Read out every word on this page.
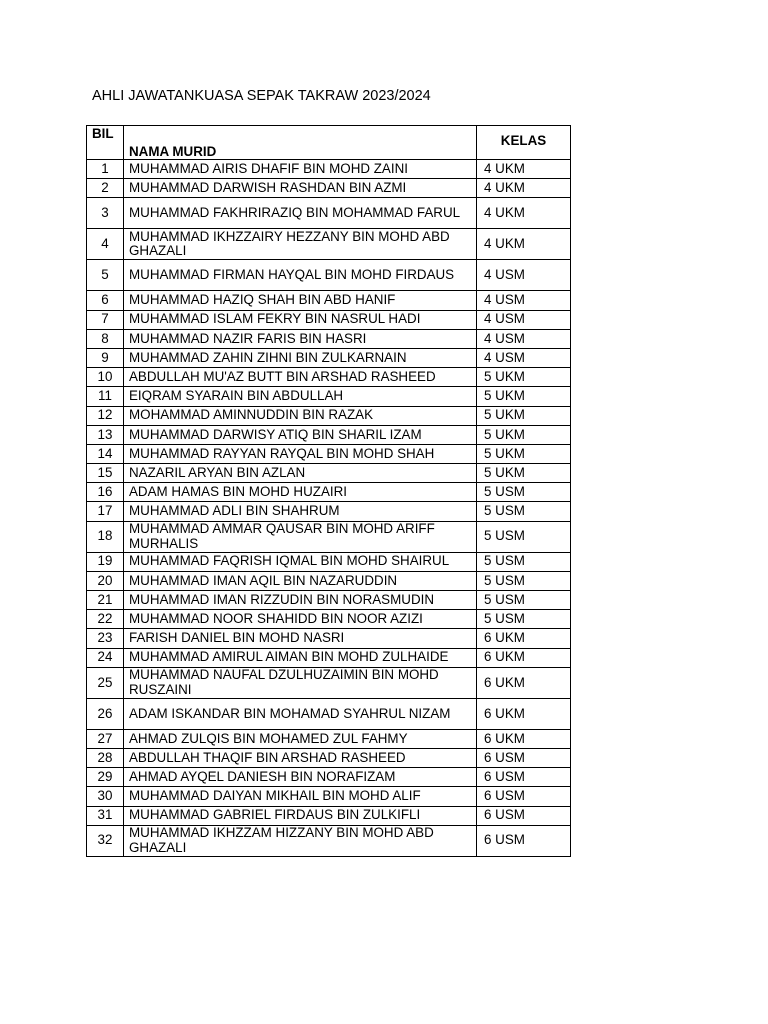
AHLI JAWATANKUASA SEPAK TAKRAW 2023/2024
BIL	NAMA MURID	KELAS
1	MUHAMMAD AIRIS DHAFIF BIN MOHD ZAINI	4 UKM
2	MUHAMMAD DARWISH RASHDAN BIN AZMI	4 UKM
3	MUHAMMAD FAKHRIRAZIQ BIN MOHAMMAD FARUL	4 UKM
4	MUHAMMAD IKHZZAIRY HEZZANY BIN MOHD ABD GHAZALI	4 UKM
5	MUHAMMAD FIRMAN HAYQAL BIN MOHD FIRDAUS	4 USM
6	MUHAMMAD HAZIQ SHAH BIN ABD HANIF	4 USM
7	MUHAMMAD ISLAM FEKRY BIN NASRUL HADI	4 USM
8	MUHAMMAD NAZIR FARIS BIN HASRI	4 USM
9	MUHAMMAD ZAHIN ZIHNI BIN ZULKARNAIN	4 USM
10	ABDULLAH MU'AZ BUTT BIN ARSHAD RASHEED	5 UKM
11	EIQRAM SYARAIN BIN ABDULLAH	5 UKM
12	MOHAMMAD AMINNUDDIN BIN RAZAK	5 UKM
13	MUHAMMAD DARWISY ATIQ BIN SHARIL IZAM	5 UKM
14	MUHAMMAD RAYYAN RAYQAL BIN MOHD SHAH	5 UKM
15	NAZARIL ARYAN BIN AZLAN	5 UKM
16	ADAM HAMAS BIN MOHD HUZAIRI	5 USM
17	MUHAMMAD ADLI BIN SHAHRUM	5 USM
18	MUHAMMAD AMMAR QAUSAR BIN MOHD ARIFF MURHALIS	5 USM
19	MUHAMMAD FAQRISH IQMAL BIN MOHD SHAIRUL	5 USM
20	MUHAMMAD IMAN AQIL BIN NAZARUDDIN	5 USM
21	MUHAMMAD IMAN RIZZUDIN BIN NORASMUDIN	5 USM
22	MUHAMMAD NOOR SHAHIDD BIN NOOR AZIZI	5 USM
23	FARISH DANIEL BIN MOHD NASRI	6 UKM
24	MUHAMMAD AMIRUL AIMAN BIN MOHD ZULHAIDE	6 UKM
25	MUHAMMAD NAUFAL DZULHUZAIMIN BIN MOHD RUSZAINI	6 UKM
26	ADAM ISKANDAR BIN MOHAMAD SYAHRUL NIZAM	6 UKM
27	AHMAD ZULQIS BIN MOHAMED ZUL FAHMY	6 UKM
28	ABDULLAH THAQIF BIN ARSHAD RASHEED	6 USM
29	AHMAD AYQEL DANIESH BIN NORAFIZAM	6 USM
30	MUHAMMAD DAIYAN MIKHAIL BIN MOHD ALIF	6 USM
31	MUHAMMAD GABRIEL FIRDAUS BIN ZULKIFLI	6 USM
32	MUHAMMAD IKHZZAM HIZZANY BIN MOHD ABD GHAZALI	6 USM
